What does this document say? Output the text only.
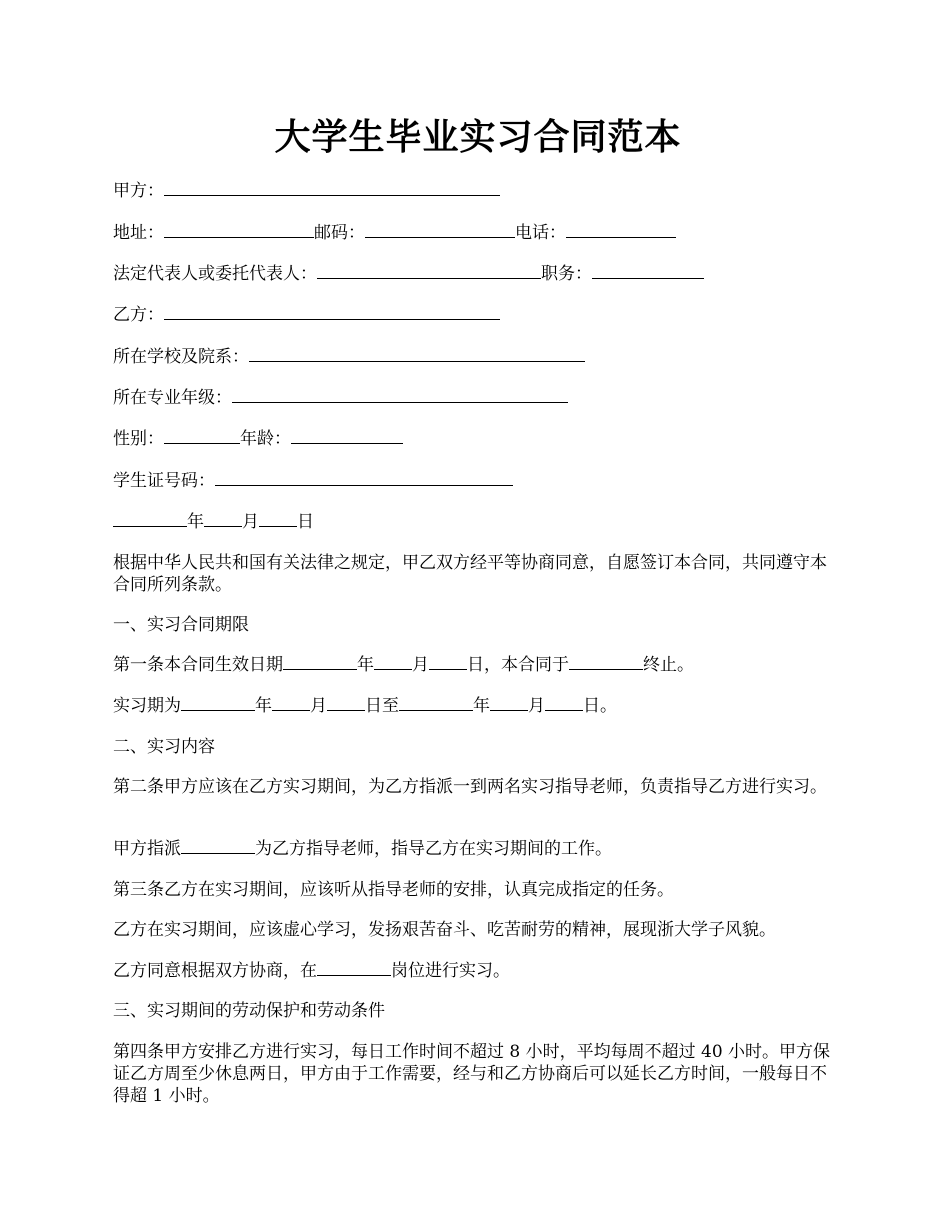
大学生毕业实习合同范本
甲方：
地址：	邮码：	电话：
法定代表人或委托代表人：	职务：
乙方：
所在学校及院系：
所在专业年级：
性别：	年龄：
学生证号码：
年 月 日
根据中华人民共和国有关法律之规定，甲乙双方经平等协商同意，自愿签订本合同，共同遵守本合同所列条款。
一、实习合同期限
第一条本合同生效日期	年 月 日，本合同于	终止。
实习期为	年 月 日至	年 月 日。
二、实习内容
第二条甲方应该在乙方实习期间，为乙方指派一到两名实习指导老师，负责指导乙方进行实习。
甲方指派	为乙方指导老师，指导乙方在实习期间的工作。
第三条乙方在实习期间，应该听从指导老师的安排，认真完成指定的任务。
乙方在实习期间，应该虚心学习，发扬艰苦奋斗、吃苦耐劳的精神，展现浙大学子风貌。
乙方同意根据双方协商，在	岗位进行实习。
三、实习期间的劳动保护和劳动条件
第四条甲方安排乙方进行实习，每日工作时间不超过 8 小时，平均每周不超过 40 小时。甲方保证乙方周至少休息两日，甲方由于工作需要，经与和乙方协商后可以延长乙方时间，一般每日不得超 1 小时。
